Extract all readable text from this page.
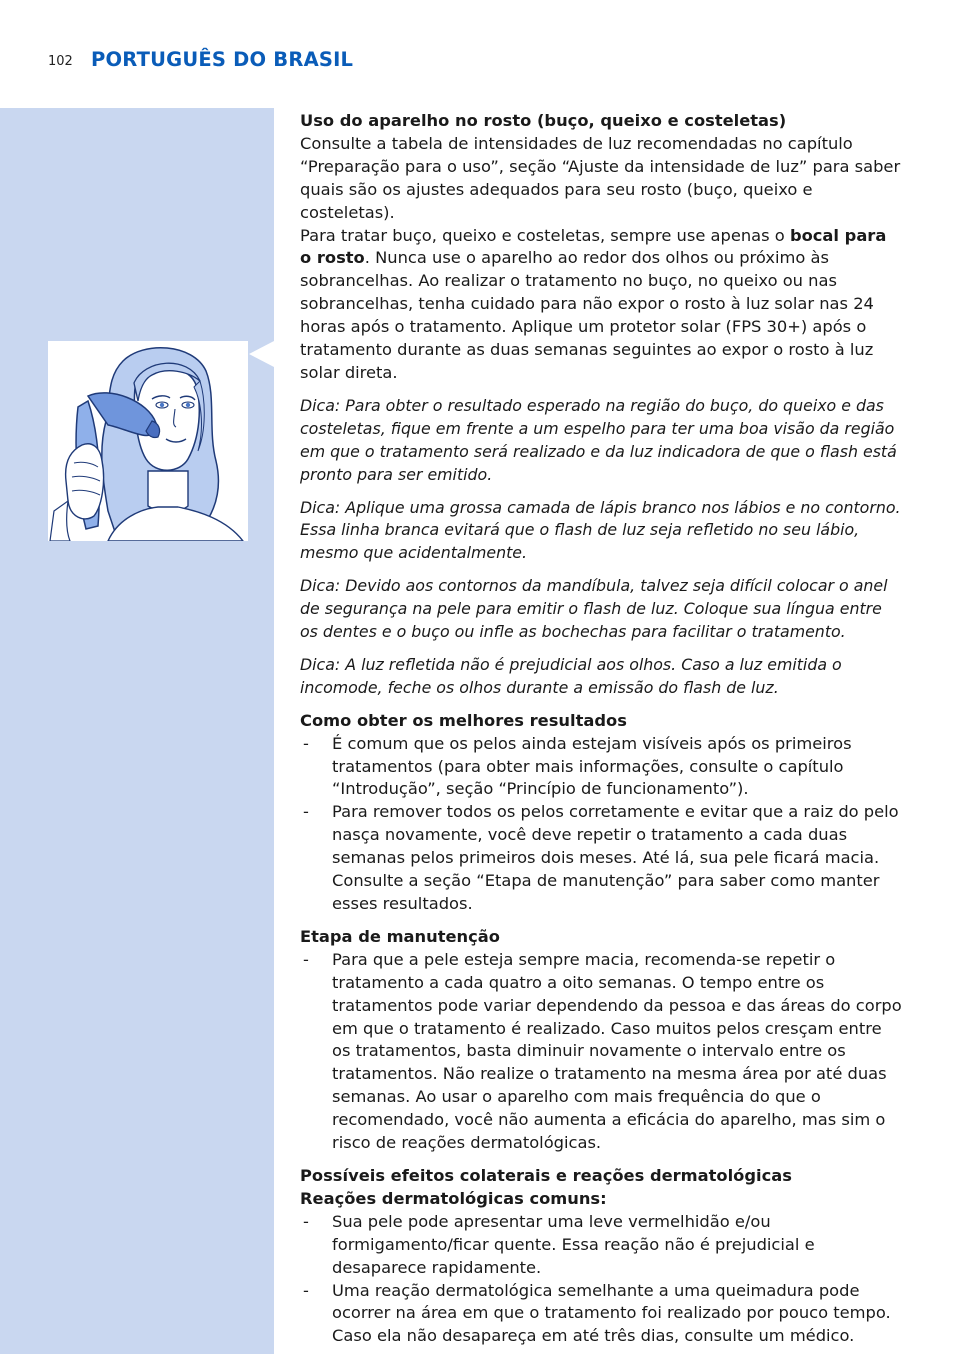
102 PORTUGUÊS DO BRASIL

Uso do aparelho no rosto (buço, queixo e costeletas)

Consulte a tabela de intensidades de luz recomendadas no capítulo “Preparação para o uso”, seção “Ajuste da intensidade de luz” para saber quais são os ajustes adequados para seu rosto (buço, queixo e costeletas).

Para tratar buço, queixo e costeletas, sempre use apenas o bocal para o rosto. Nunca use o aparelho ao redor dos olhos ou próximo às sobrancelhas. Ao realizar o tratamento no buço, no queixo ou nas sobrancelhas, tenha cuidado para não expor o rosto à luz solar nas 24 horas após o tratamento. Aplique um protetor solar (FPS 30+) após o tratamento durante as duas semanas seguintes ao expor o rosto à luz solar direta.

Dica: Para obter o resultado esperado na região do buço, do queixo e das costeletas, fique em frente a um espelho para ter uma boa visão da região em que o tratamento será realizado e da luz indicadora de que o flash está pronto para ser emitido.

Dica: Aplique uma grossa camada de lápis branco nos lábios e no contorno. Essa linha branca evitará que o flash de luz seja refletido no seu lábio, mesmo que acidentalmente.

Dica: Devido aos contornos da mandíbula, talvez seja difícil colocar o anel de segurança na pele para emitir o flash de luz. Coloque sua língua entre os dentes e o buço ou infle as bochechas para facilitar o tratamento.

Dica: A luz refletida não é prejudicial aos olhos. Caso a luz emitida o incomode, feche os olhos durante a emissão do flash de luz.

Como obter os melhores resultados

- É comum que os pelos ainda estejam visíveis após os primeiros tratamentos (para obter mais informações, consulte o capítulo “Introdução”, seção “Princípio de funcionamento”).
- Para remover todos os pelos corretamente e evitar que a raiz do pelo nasça novamente, você deve repetir o tratamento a cada duas semanas pelos primeiros dois meses. Até lá, sua pele ficará macia. Consulte a seção “Etapa de manutenção” para saber como manter esses resultados.

Etapa de manutenção

- Para que a pele esteja sempre macia, recomenda-se repetir o tratamento a cada quatro a oito semanas. O tempo entre os tratamentos pode variar dependendo da pessoa e das áreas do corpo em que o tratamento é realizado. Caso muitos pelos cresçam entre os tratamentos, basta diminuir novamente o intervalo entre os tratamentos. Não realize o tratamento na mesma área por até duas semanas. Ao usar o aparelho com mais frequência do que o recomendado, você não aumenta a eficácia do aparelho, mas sim o risco de reações dermatológicas.

Possíveis efeitos colaterais e reações dermatológicas

Reações dermatológicas comuns:

- Sua pele pode apresentar uma leve vermelhidão e/ou formigamento/ficar quente. Essa reação não é prejudicial e desaparece rapidamente.
- Uma reação dermatológica semelhante a uma queimadura pode ocorrer na área em que o tratamento foi realizado por pouco tempo. Caso ela não desapareça em até três dias, consulte um médico.
